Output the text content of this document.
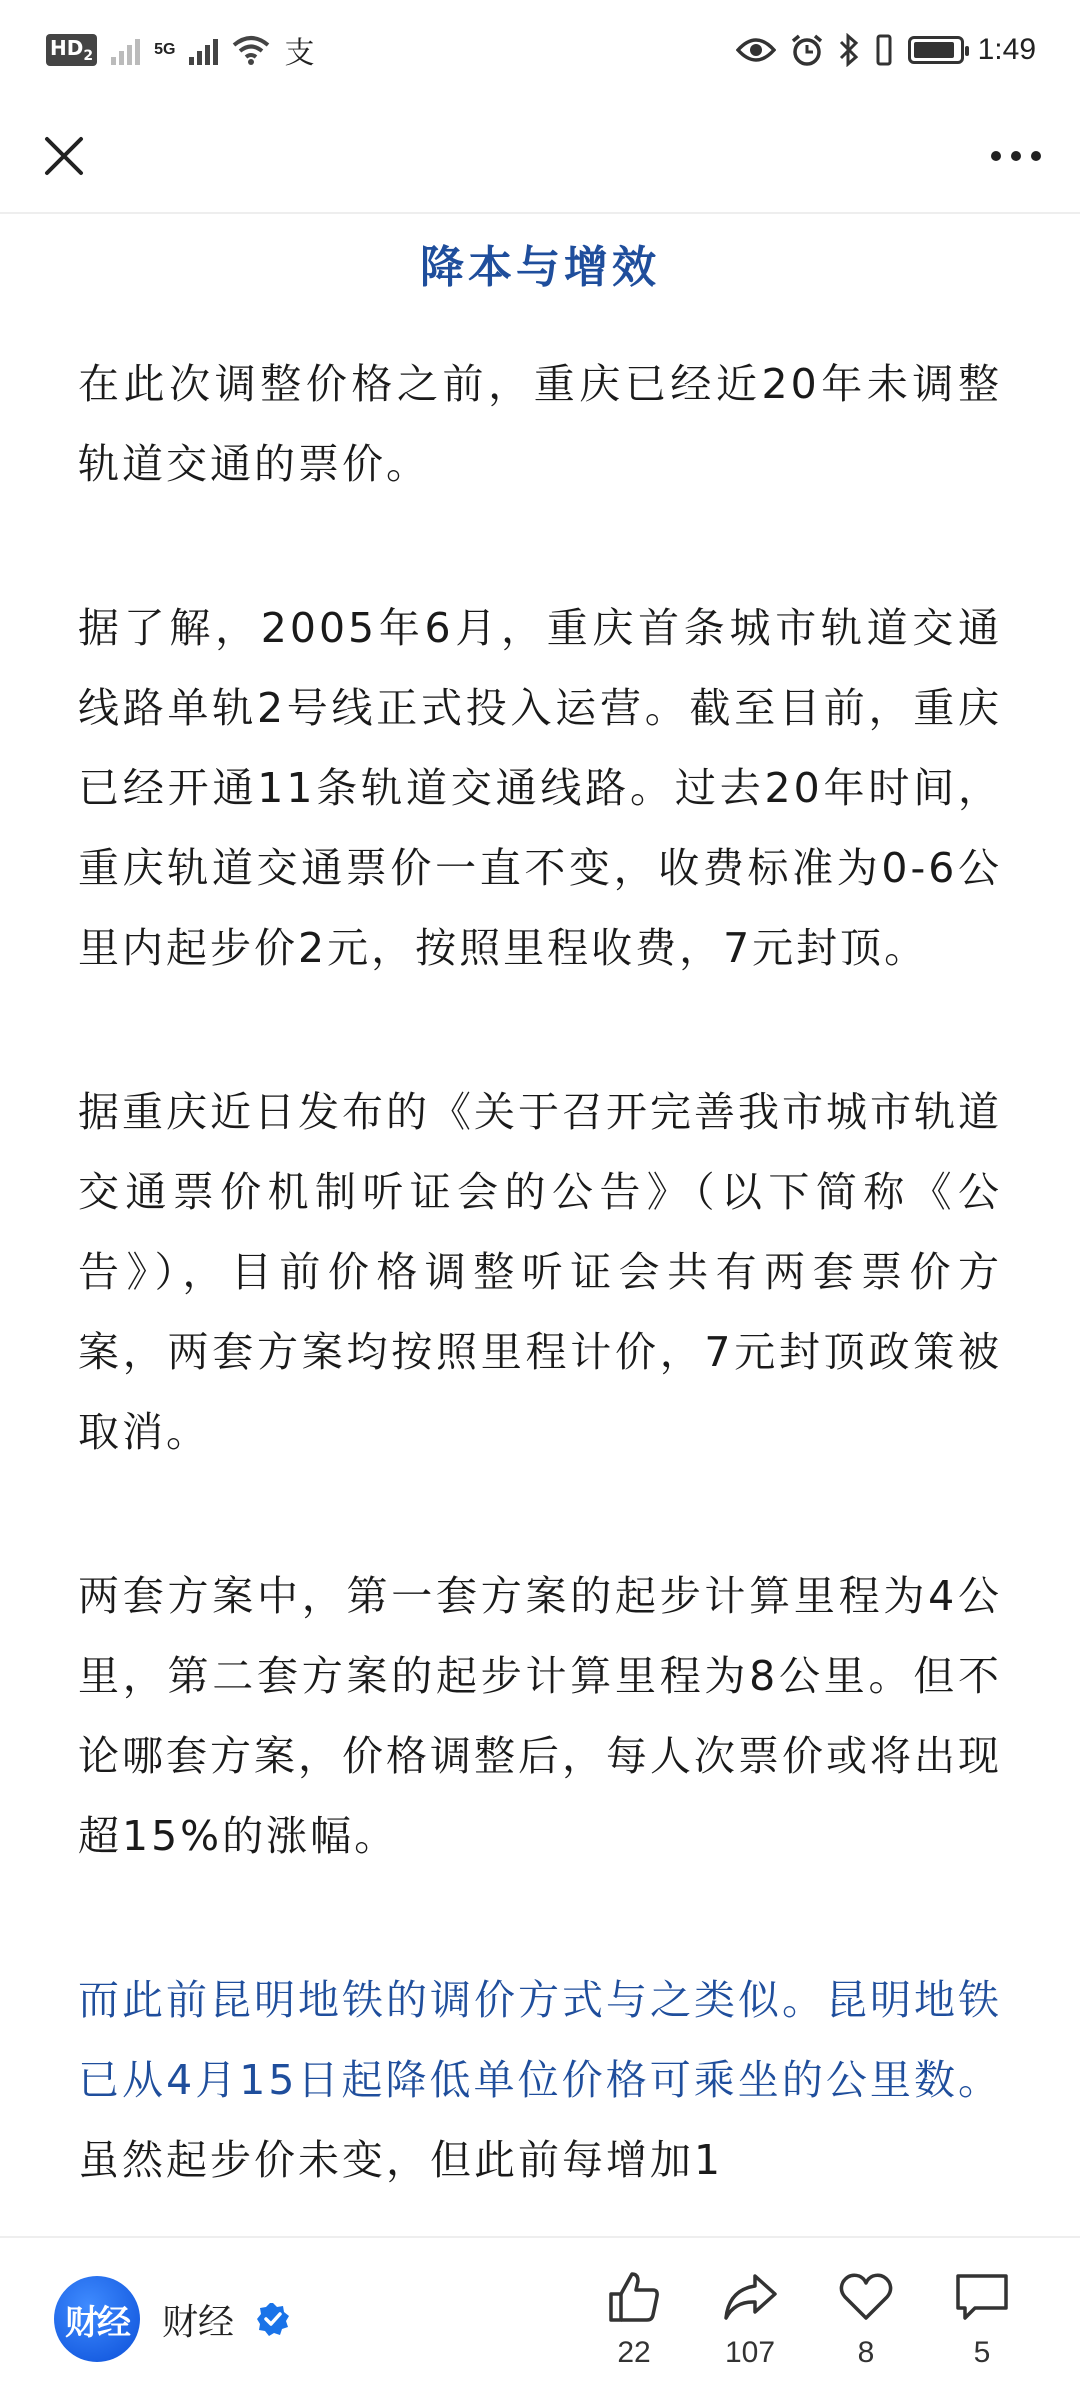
$HD_2$	5G	支	1:49
降本与增效

在此次调整价格之前，重庆已经近20年未调整轨道交通的票价。

据了解，2005年6月，重庆首条城市轨道交通线路单轨2号线正式投入运营。截至目前，重庆已经开通11条轨道交通线路。过去20年时间，重庆轨道交通票价一直不变，收费标准为0-6公里内起步价2元，按照里程收费，7元封顶。

据重庆近日发布的《关于召开完善我市城市轨道交通票价机制听证会的公告》（以下简称《公告》），目前价格调整听证会共有两套票价方案，两套方案均按照里程计价，7元封顶政策被取消。

两套方案中，第一套方案的起步计算里程为4公里，第二套方案的起步计算里程为8公里。但不论哪套方案，价格调整后，每人次票价或将出现超15%的涨幅。

而此前昆明地铁的调价方式与之类似。昆明地铁已从4月15日起降低单位价格可乘坐的公里数。虽然起步价未变，但此前每增加1

财经 财经
22 107	8	5
